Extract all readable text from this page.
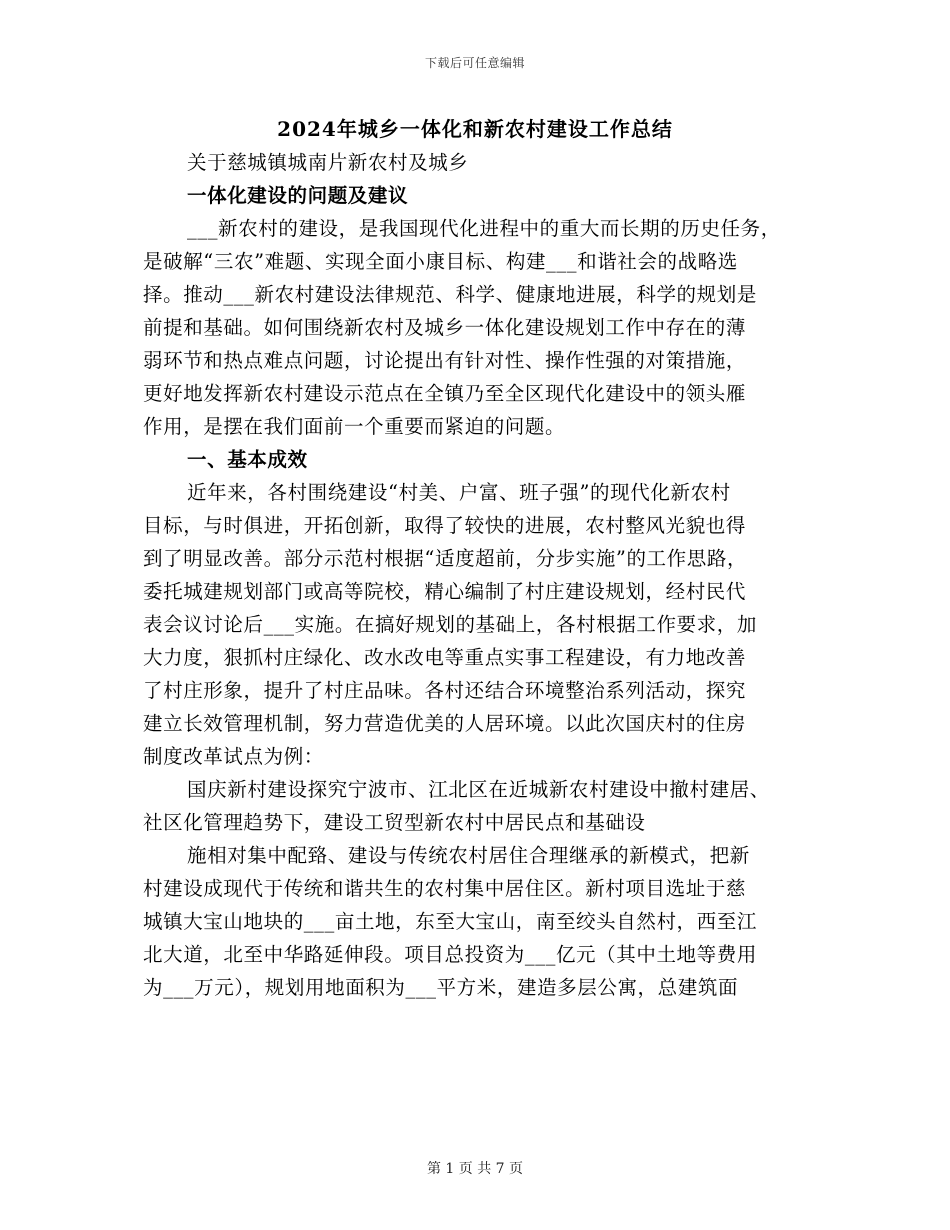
下载后可任意编辑
2024年城乡一体化和新农村建设工作总结
关于慈城镇城南片新农村及城乡
一体化建设的问题及建议
___新农村的建设，是我国现代化进程中的重大而长期的历史任务，
是破解“三农”难题、实现全面小康目标、构建___和谐社会的战略选
择。推动___新农村建设法律规范、科学、健康地进展，科学的规划是
前提和基础。如何围绕新农村及城乡一体化建设规划工作中存在的薄
弱环节和热点难点问题，讨论提出有针对性、操作性强的对策措施，
更好地发挥新农村建设示范点在全镇乃至全区现代化建设中的领头雁
作用，是摆在我们面前一个重要而紧迫的问题。
一、基本成效
近年来，各村围绕建设“村美、户富、班子强”的现代化新农村
目标，与时俱进，开拓创新，取得了较快的进展，农村整风光貌也得
到了明显改善。部分示范村根据“适度超前，分步实施”的工作思路，
委托城建规划部门或高等院校，精心编制了村庄建设规划，经村民代
表会议讨论后___实施。在搞好规划的基础上，各村根据工作要求，加
大力度，狠抓村庄绿化、改水改电等重点实事工程建设，有力地改善
了村庄形象，提升了村庄品味。各村还结合环境整治系列活动，探究
建立长效管理机制，努力营造优美的人居环境。以此次国庆村的住房
制度改革试点为例：
国庆新村建设探究宁波市、江北区在近城新农村建设中撤村建居、
社区化管理趋势下，建设工贸型新农村中居民点和基础设
施相对集中配臵、建设与传统农村居住合理继承的新模式，把新
村建设成现代于传统和谐共生的农村集中居住区。新村项目选址于慈
城镇大宝山地块的___亩土地，东至大宝山，南至绞头自然村，西至江
北大道，北至中华路延伸段。项目总投资为___亿元（其中土地等费用
为___万元），规划用地面积为___平方米，建造多层公寓，总建筑面
第 1 页 共 7 页
